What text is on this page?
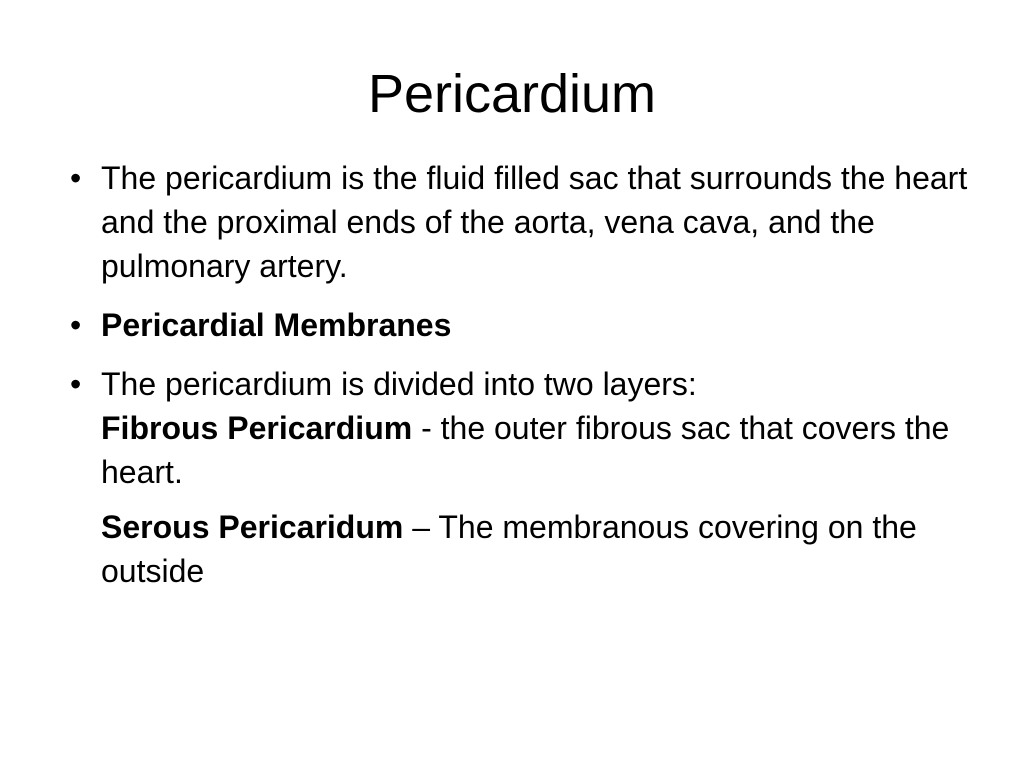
Pericardium
• The pericardium is the fluid filled sac that surrounds the heart and the proximal ends of the aorta, vena cava, and the pulmonary artery.
• Pericardial Membranes
• The pericardium is divided into two layers:
Fibrous Pericardium - the outer fibrous sac that covers the heart.
Serous Pericaridum – The membranous covering on the outside
